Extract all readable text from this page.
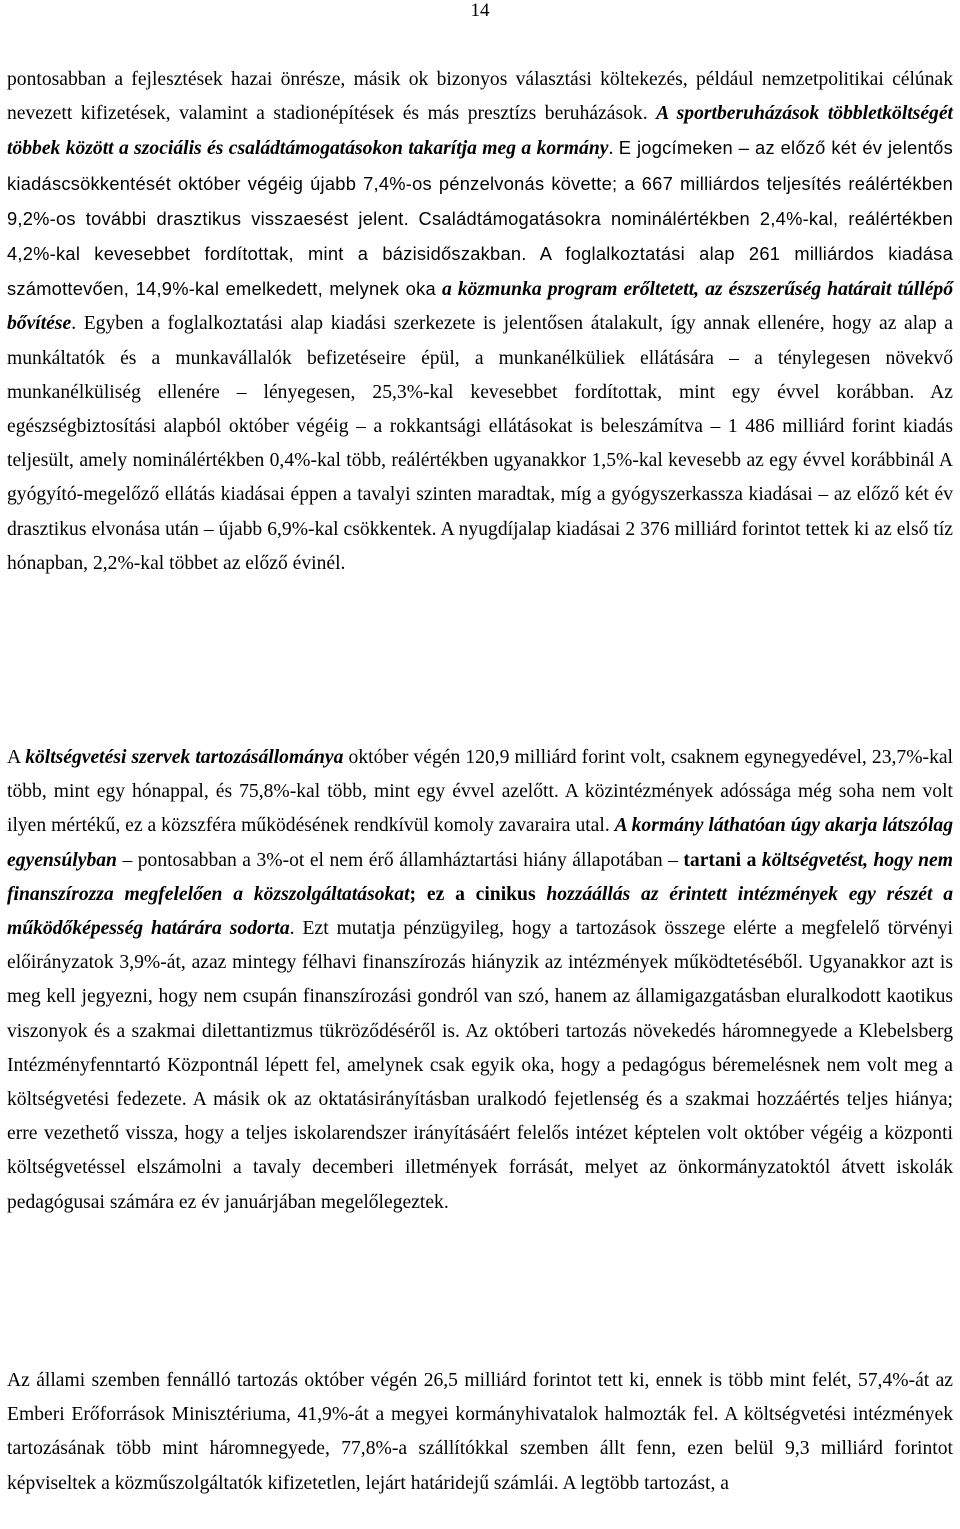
14

pontosabban a fejlesztések hazai önrésze, másik ok bizonyos választási költekezés, például nemzetpolitikai célúnak nevezett kifizetések, valamint a stadionépítések és más presztízs beruházások. A sportberuházások többletköltségét többek között a szociális és családtámogatásokon takarítja meg a kormány. E jogcímeken – az előző két év jelentős kiadáscsökkentését október végéig újabb 7,4%-os pénzelvonás követte; a 667 milliárdos teljesítés reálértékben 9,2%-os további drasztikus visszaesést jelent. Családtámogatásokra nominálértékben 2,4%-kal, reálértékben 4,2%-kal kevesebbet fordítottak, mint a bázisidőszakban. A foglalkoztatási alap 261 milliárdos kiadása számottevően, 14,9%-kal emelkedett, melynek oka a közmunka program erőltetett, az észszerűség határait túllépő bővítése. Egyben a foglalkoztatási alap kiadási szerkezete is jelentősen átalakult, így annak ellenére, hogy az alap a munkáltatók és a munkavállalók befizetéseire épül, a munkanélküliek ellátására – a ténylegesen növekvő munkanélküliség ellenére – lényegesen, 25,3%-kal kevesebbet fordítottak, mint egy évvel korábban. Az egészségbiztosítási alapból október végéig – a rokkantsági ellátásokat is beleszámítva – 1 486 milliárd forint kiadás teljesült, amely nominálértékben 0,4%-kal több, reálértékben ugyanakkor 1,5%-kal kevesebb az egy évvel korábbinál A gyógyító-megelőző ellátás kiadásai éppen a tavalyi szinten maradtak, míg a gyógyszerkassza kiadásai – az előző két év drasztikus elvonása után – újabb 6,9%-kal csökkentek. A nyugdíjalap kiadásai 2 376 milliárd forintot tettek ki az első tíz hónapban, 2,2%-kal többet az előző évinél.

A költségvetési szervek tartozásállománya október végén 120,9 milliárd forint volt, csaknem egynegyedével, 23,7%-kal több, mint egy hónappal, és 75,8%-kal több, mint egy évvel azelőtt. A közintézmények adóssága még soha nem volt ilyen mértékű, ez a közszféra működésének rendkívül komoly zavaraira utal. A kormány láthatóan úgy akarja látszólag egyensúlyban – pontosabban a 3%-ot el nem érő államháztartási hiány állapotában – tartani a költségvetést, hogy nem finanszírozza megfelelően a közszolgáltatásokat; ez a cinikus hozzáállás az érintett intézmények egy részét a működőképesség határára sodorta. Ezt mutatja pénzügyileg, hogy a tartozások összege elérte a megfelelő törvényi előirányzatok 3,9%-át, azaz mintegy félhavi finanszírozás hiányzik az intézmények működtetéséből. Ugyanakkor azt is meg kell jegyezni, hogy nem csupán finanszírozási gondról van szó, hanem az államigazgatásban eluralkodott kaotikus viszonyok és a szakmai dilettantizmus tükröződéséről is. Az októberi tartozás növekedés háromnegyede a Klebelsberg Intézményfenntartó Központnál lépett fel, amelynek csak egyik oka, hogy a pedagógus béremelésnek nem volt meg a költségvetési fedezete. A másik ok az oktatásirányításban uralkodó fejetlenség és a szakmai hozzáértés teljes hiánya; erre vezethető vissza, hogy a teljes iskolarendszer irányításáért felelős intézet képtelen volt október végéig a központi költségvetéssel elszámolni a tavaly decemberi illetmények forrását, melyet az önkormányzatoktól átvett iskolák pedagógusai számára ez év januárjában megelőlegeztek.

Az állami szemben fennálló tartozás október végén 26,5 milliárd forintot tett ki, ennek is több mint felét, 57,4%-át az Emberi Erőforrások Minisztériuma, 41,9%-át a megyei kormányhivatalok halmozták fel. A költségvetési intézmények tartozásának több mint háromnegyede, 77,8%-a szállítókkal szemben állt fenn, ezen belül 9,3 milliárd forintot képviseltek a közműszolgáltatók kifizetetlen, lejárt határidejű számlái. A legtöbb tartozást, a
